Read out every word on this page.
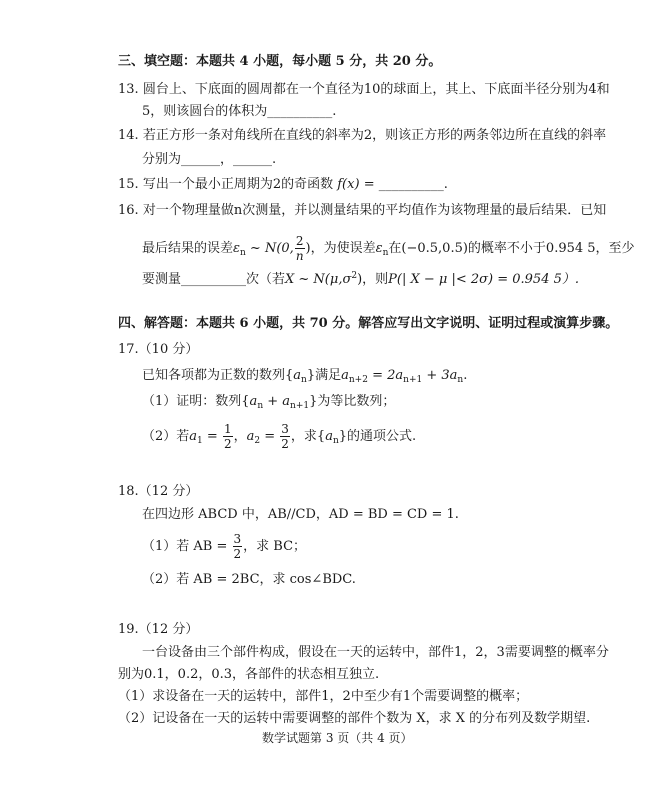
三、填空题：本题共 4 小题，每小题 5 分，共 20 分。
13. 圆台上、下底面的圆周都在一个直径为10的球面上，其上、下底面半径分别为4和
5，则该圆台的体积为__________.
14. 若正方形一条对角线所在直线的斜率为2，则该正方形的两条邻边所在直线的斜率
分别为______，______.
15. 写出一个最小正周期为2的奇函数 f(x) = __________.
16. 对一个物理量做n次测量，并以测量结果的平均值作为该物理量的最后结果．已知
最后结果的误差$\varepsilon_n$ ~ N(0, $\frac{2}{n}$ )，为使误差$\varepsilon_n$在(−0.5,0.5)的概率不小于0.954 5，至少
要测量__________次（若X ~ $N(\mu,\sigma^2)$，则P(| X − μ |< 2σ) = 0.954 5）.
四、解答题：本题共 6 小题，共 70 分。解答应写出文字说明、证明过程或演算步骤。
17.（10 分）
已知各项都为正数的数列$\{a_n\}$满足$a_{n+2} = 2a_{n+1} + 3a_n$.
（1）证明：数列$\{a_n + a_{n+1}\}$为等比数列；
（2）若$a_1 = \frac{1}{2}$ ，$a_2 = \frac{3}{2}$ ，求$\{a_n\}$的通项公式.
18.（12 分）
在四边形 ABCD 中，AB//CD，AD = BD = CD = 1.
（1）若 AB = $\frac{3}{2}$ ，求 BC；
（2）若 AB = 2BC，求 cos∠BDC.
19.（12 分）
一台设备由三个部件构成，假设在一天的运转中，部件1，2，3需要调整的概率分
别为0.1，0.2，0.3，各部件的状态相互独立.
（1）求设备在一天的运转中，部件1，2中至少有1个需要调整的概率；
（2）记设备在一天的运转中需要调整的部件个数为 X，求 X 的分布列及数学期望.
数学试题第 3 页（共 4 页）
